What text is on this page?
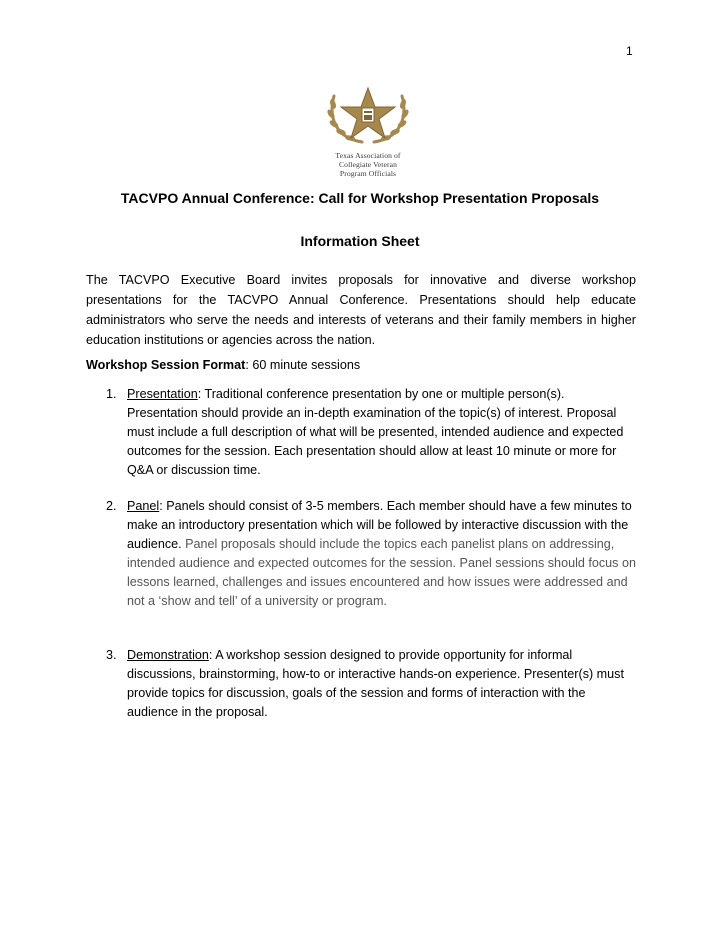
1
Texas Association of
Collegiate Veteran
Program Officials
TACVPO Annual Conference: Call for Workshop Presentation Proposals
Information Sheet

The TACVPO Executive Board invites proposals for innovative and diverse workshop presentations for the TACVPO Annual Conference. Presentations should help educate administrators who serve the needs and interests of veterans and their family members in higher education institutions or agencies across the nation.

Workshop Session Format: 60 minute sessions
1. Presentation: Traditional conference presentation by one or multiple person(s). Presentation should provide an in-depth examination of the topic(s) of interest. Proposal must include a full description of what will be presented, intended audience and expected outcomes for the session. Each presentation should allow at least 10 minute or more for Q&A or discussion time.
2. Panel: Panels should consist of 3-5 members. Each member should have a few minutes to make an introductory presentation which will be followed by interactive discussion with the audience. Panel proposals should include the topics each panelist plans on addressing, intended audience and expected outcomes for the session. Panel sessions should focus on lessons learned, challenges and issues encountered and how issues were addressed and not a ‘show and tell’ of a university or program.
3. Demonstration: A workshop session designed to provide opportunity for informal discussions, brainstorming, how-to or interactive hands-on experience. Presenter(s) must provide topics for discussion, goals of the session and forms of interaction with the audience in the proposal.
